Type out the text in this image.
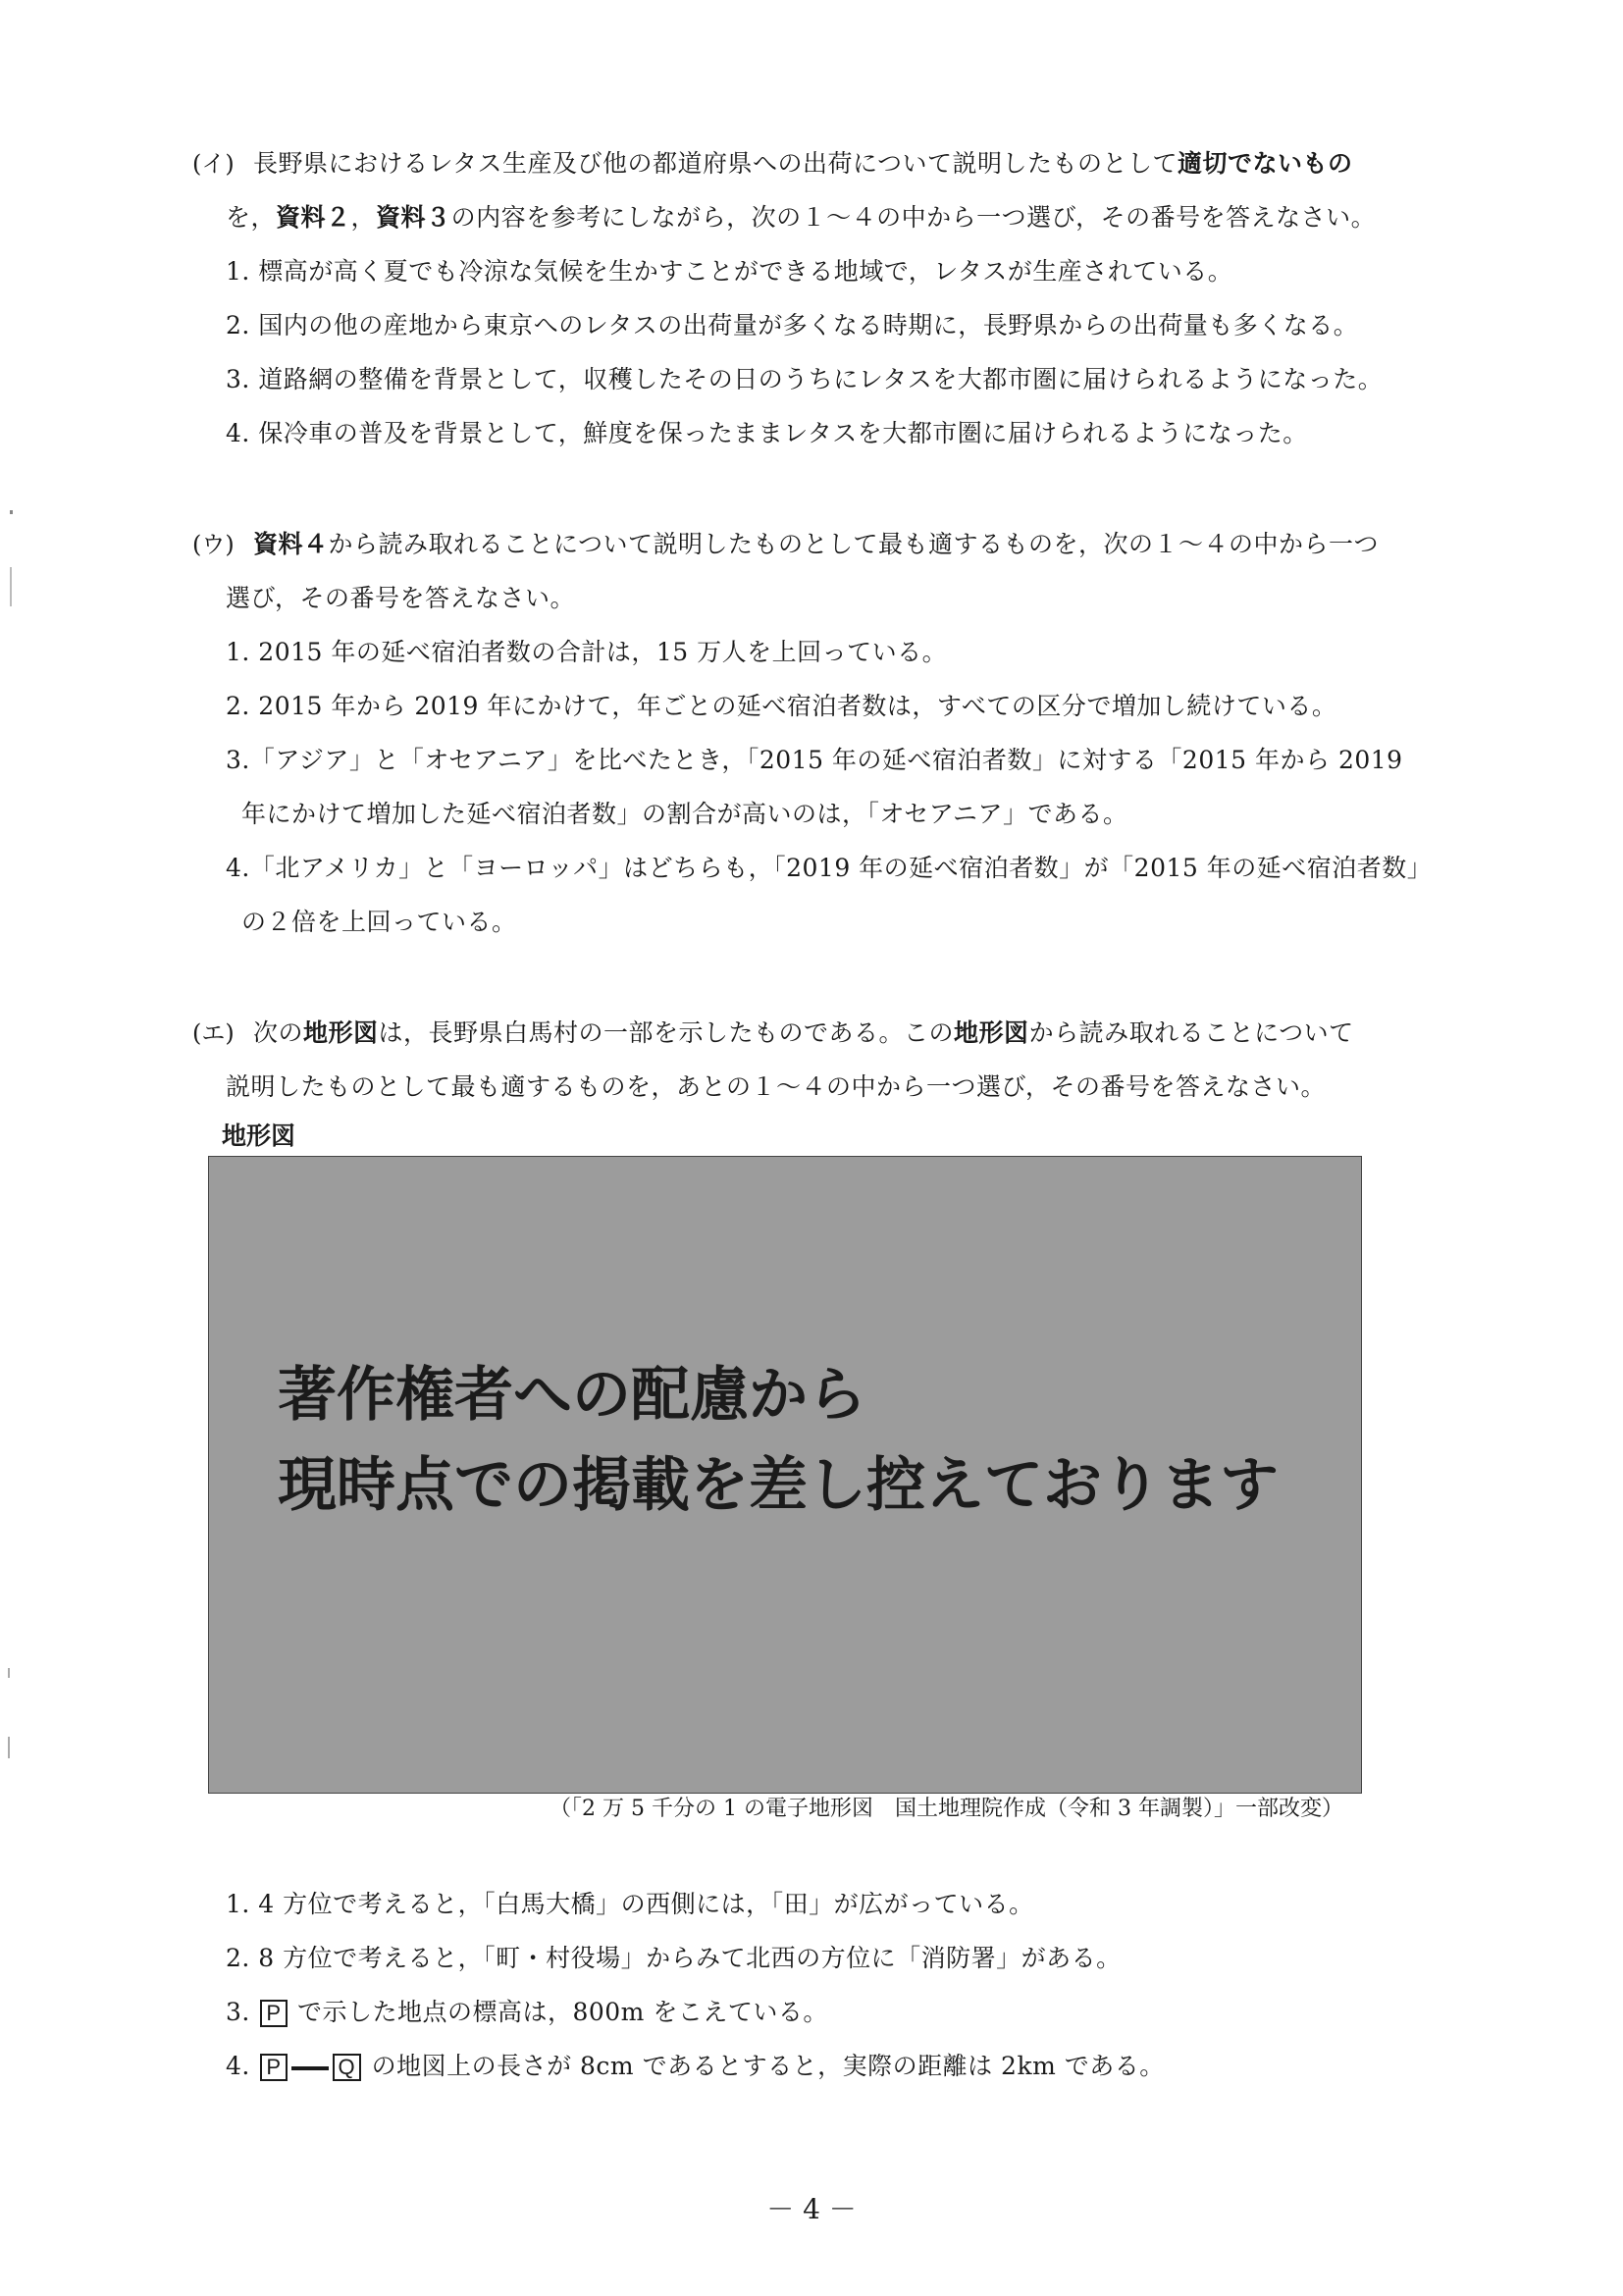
(イ) 長野県におけるレタス生産及び他の都道府県への出荷について説明したものとして適切でないもの
を，資料２，資料３の内容を参考にしながら，次の１～４の中から一つ選び，その番号を答えなさい。
1. 標高が高く夏でも冷涼な気候を生かすことができる地域で，レタスが生産されている。
2. 国内の他の産地から東京へのレタスの出荷量が多くなる時期に，長野県からの出荷量も多くなる。
3. 道路網の整備を背景として，収穫したその日のうちにレタスを大都市圏に届けられるようになった。
4. 保冷車の普及を背景として，鮮度を保ったままレタスを大都市圏に届けられるようになった。
(ウ) 資料４から読み取れることについて説明したものとして最も適するものを，次の１～４の中から一つ
選び，その番号を答えなさい。
1. 2015 年の延べ宿泊者数の合計は，15 万人を上回っている。
2. 2015 年から 2019 年にかけて，年ごとの延べ宿泊者数は，すべての区分で増加し続けている。
3.「アジア」と「オセアニア」を比べたとき，「2015 年の延べ宿泊者数」に対する「2015 年から 2019
年にかけて増加した延べ宿泊者数」の割合が高いのは，「オセアニア」である。
4.「北アメリカ」と「ヨーロッパ」はどちらも，「2019 年の延べ宿泊者数」が「2015 年の延べ宿泊者数」
の２倍を上回っている。
(エ) 次の地形図は，長野県白馬村の一部を示したものである。この地形図から読み取れることについて
説明したものとして最も適するものを，あとの１～４の中から一つ選び，その番号を答えなさい。
地形図
著作権者への配慮から
現時点での掲載を差し控えております
（「2 万 5 千分の 1 の電子地形図　国土地理院作成（令和 3 年調製）」一部改変）
1. 4 方位で考えると，「白馬大橋」の西側には，「田」が広がっている。
2. 8 方位で考えると，「町・村役場」からみて北西の方位に「消防署」がある。
3. P で示した地点の標高は，800m をこえている。
4. P	Q の地図上の長さが 8cm であるとすると，実際の距離は 2km である。
－ 4 －
